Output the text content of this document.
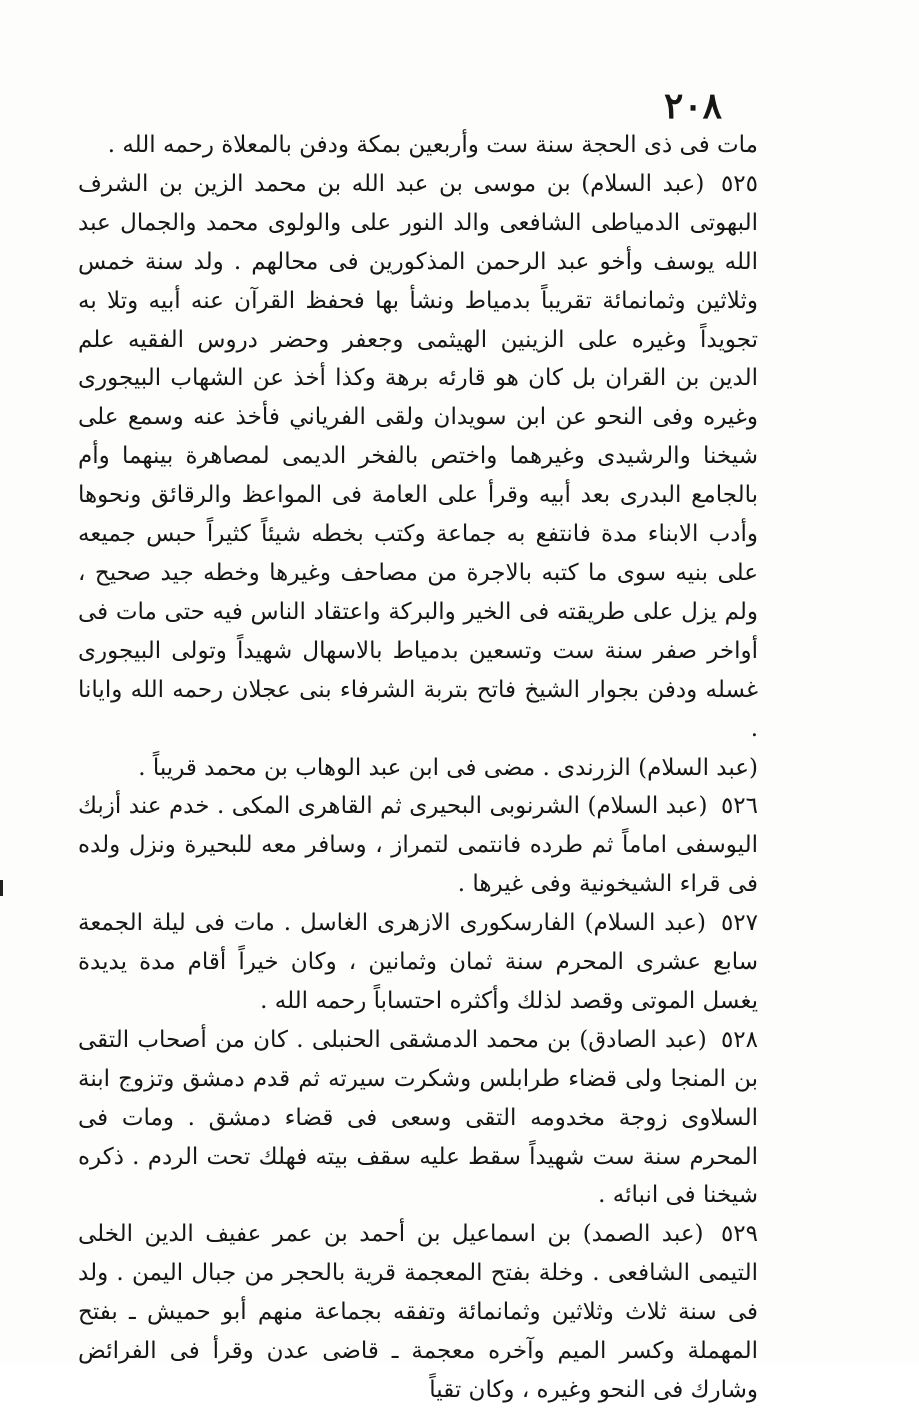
٢٠٨

مات فى ذى الحجة سنة ست وأربعين بمكة ودفن بالمعلاة رحمه الله .

٥٢٥ (عبد السلام) بن موسى بن عبد الله بن محمد الزين بن الشرف البهوتى الدمياطى الشافعى والد النور على والولوى محمد والجمال عبد الله يوسف وأخو عبد الرحمن المذكورين فى محالهم . ولد سنة خمس وثلاثين وثمانمائة تقريباً بدمياط ونشأ بها فحفظ القرآن عنه أبيه وتلا به تجويداً وغيره على الزينين الهيثمى وجعفر وحضر دروس الفقيه علم الدين بن القران بل كان هو قارئه برهة وكذا أخذ عن الشهاب البيجورى وغيره وفى النحو عن ابن سويدان ولقى الفرياني فأخذ عنه وسمع على شيخنا والرشيدى وغيرهما واختص بالفخر الديمى لمصاهرة بينهما وأم بالجامع البدرى بعد أبيه وقرأ على العامة فى المواعظ والرقائق ونحوها وأدب الابناء مدة فانتفع به جماعة وكتب بخطه شيئاً كثيراً حبس جميعه على بنيه سوى ما كتبه بالاجرة من مصاحف وغيرها وخطه جيد صحيح ، ولم يزل على طريقته فى الخير والبركة واعتقاد الناس فيه حتى مات فى أواخر صفر سنة ست وتسعين بدمياط بالاسهال شهيداً وتولى البيجورى غسله ودفن بجوار الشيخ فاتح بتربة الشرفاء بنى عجلان رحمه الله وايانا .

(عبد السلام) الزرندى . مضى فى ابن عبد الوهاب بن محمد قريباً .

٥٢٦ (عبد السلام) الشرنوبى البحيرى ثم القاهرى المكى . خدم عند أزبك اليوسفى اماماً ثم طرده فانتمى لتمراز ، وسافر معه للبحيرة ونزل ولده فى قراء الشيخونية وفى غيرها .

٥٢٧ (عبد السلام) الفارسكورى الازهرى الغاسل . مات فى ليلة الجمعة سابع عشرى المحرم سنة ثمان وثمانين ، وكان خيراً أقام مدة يديدة يغسل الموتى وقصد لذلك وأكثره احتساباً رحمه الله .

٥٢٨ (عبد الصادق) بن محمد الدمشقى الحنبلى . كان من أصحاب التقى بن المنجا ولى قضاء طرابلس وشكرت سيرته ثم قدم دمشق وتزوج ابنة السلاوى زوجة مخدومه التقى وسعى فى قضاء دمشق . ومات فى المحرم سنة ست شهيداً سقط عليه سقف بيته فهلك تحت الردم . ذكره شيخنا فى انبائه .

٥٢٩ (عبد الصمد) بن اسماعيل بن أحمد بن عمر عفيف الدين الخلى التيمى الشافعى . وخلة بفتح المعجمة قرية بالحجر من جبال اليمن . ولد فى سنة ثلاث وثلاثين وثمانمائة وتفقه بجماعة منهم أبو حميش ـ بفتح المهملة وكسر الميم وآخره معجمة ـ قاضى عدن وقرأ فى الفرائض وشارك فى النحو وغيره ، وكان تقياً
